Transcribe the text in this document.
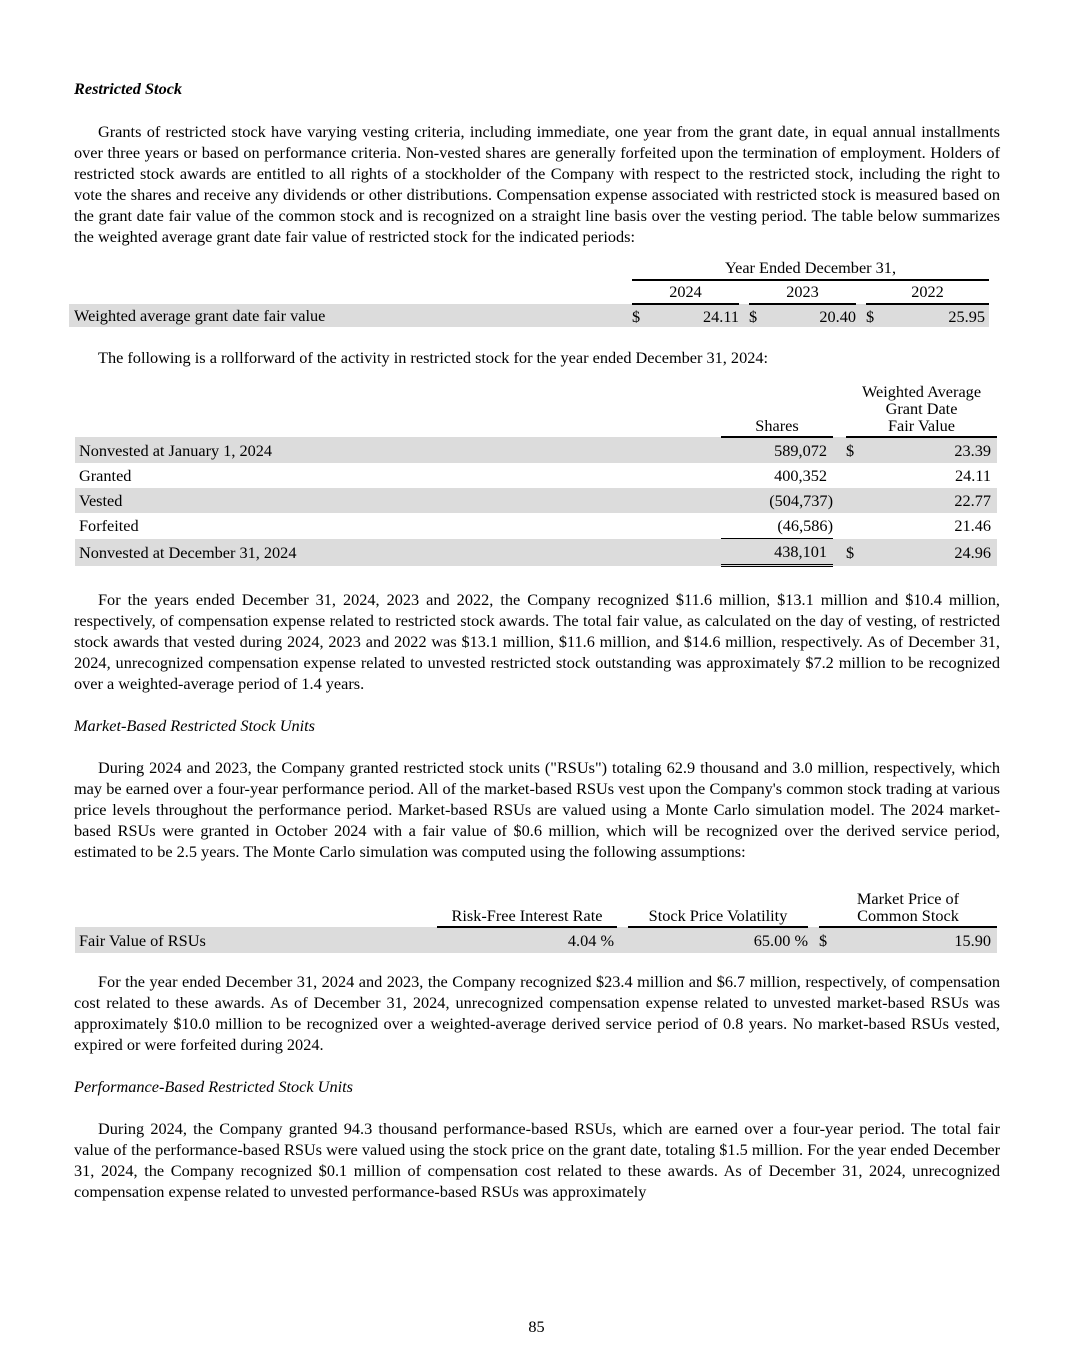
Restricted Stock

Grants of restricted stock have varying vesting criteria, including immediate, one year from the grant date, in equal annual installments over three years or based on performance criteria. Non-vested shares are generally forfeited upon the termination of employment. Holders of restricted stock awards are entitled to all rights of a stockholder of the Company with respect to the restricted stock, including the right to vote the shares and receive any dividends or other distributions. Compensation expense associated with restricted stock is measured based on the grant date fair value of the common stock and is recognized on a straight line basis over the vesting period. The table below summarizes the weighted average grant date fair value of restricted stock for the indicated periods:

		Year Ended December 31,							
		2024			2023			2022	
Weighted average grant date fair value		$	24.11		$	20.40		$	25.95

The following is a rollforward of the activity in restricted stock for the year ended December 31, 2024:

		Shares		Weighted Average
Grant Date
Fair Value	

Nonvested at January 1, 2024		589,072		$	23.39
Granted		400,352			24.11
Vested		(504,737)			22.77
Forfeited		(46,586)			21.46
Nonvested at December 31, 2024		438,101		$	24.96

For the years ended December 31, 2024, 2023 and 2022, the Company recognized $11.6 million, $13.1 million and $10.4 million, respectively, of compensation expense related to restricted stock awards. The total fair value, as calculated on the day of vesting, of restricted stock awards that vested during 2024, 2023 and 2022 was $13.1 million, $11.6 million, and $14.6 million, respectively. As of December 31, 2024, unrecognized compensation expense related to unvested restricted stock outstanding was approximately $7.2 million to be recognized over a weighted-average period of 1.4 years.

Market-Based Restricted Stock Units

During 2024 and 2023, the Company granted restricted stock units ("RSUs") totaling 62.9 thousand and 3.0 million, respectively, which may be earned over a four-year performance period. All of the market-based RSUs vest upon the Company's common stock trading at various price levels throughout the performance period. Market-based RSUs are valued using a Monte Carlo simulation model. The 2024 market-based RSUs were granted in October 2024 with a fair value of $0.6 million, which will be recognized over the derived service period, estimated to be 2.5 years. The Monte Carlo simulation was computed using the following assumptions:

	Risk-Free Interest Rate		Stock Price Volatility		Market Price of
Common Stock	

Fair Value of RSUs	4.04 %		65.00 %		$	15.90

For the year ended December 31, 2024 and 2023, the Company recognized $23.4 million and $6.7 million, respectively, of compensation cost related to these awards. As of December 31, 2024, unrecognized compensation expense related to unvested market-based RSUs was approximately $10.0 million to be recognized over a weighted-average derived service period of 0.8 years. No market-based RSUs vested, expired or were forfeited during 2024.

Performance-Based Restricted Stock Units

During 2024, the Company granted 94.3 thousand performance-based RSUs, which are earned over a four-year period. The total fair value of the performance-based RSUs were valued using the stock price on the grant date, totaling $1.5 million. For the year ended December 31, 2024, the Company recognized $0.1 million of compensation cost related to these awards. As of December 31, 2024, unrecognized compensation expense related to unvested performance-based RSUs was approximately

85
